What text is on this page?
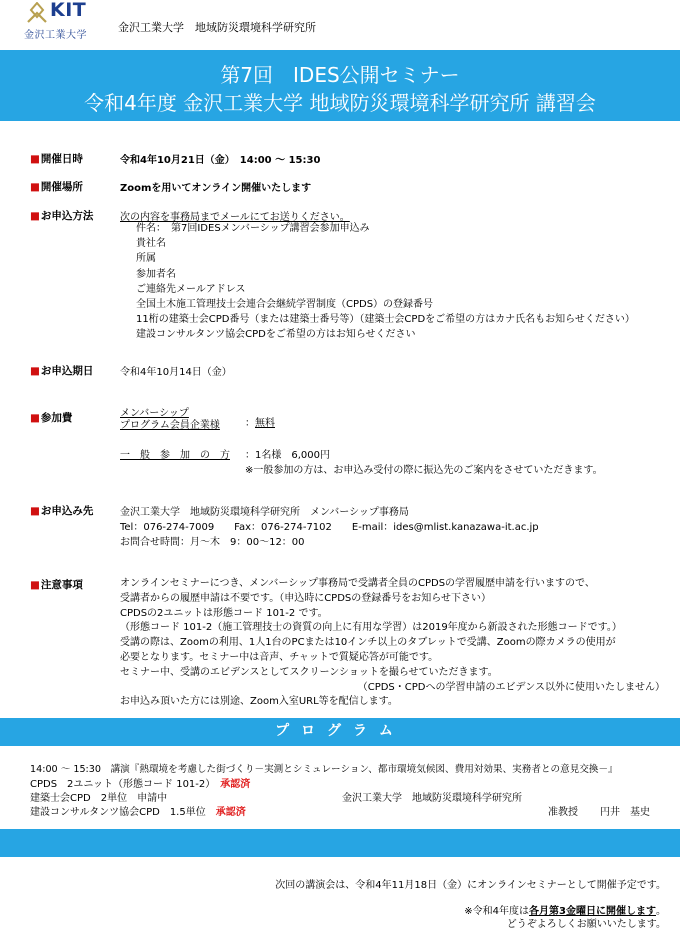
KIT
金沢工業大学
金沢工業大学　地域防災環境科学研究所
第7回　IDES公開セミナー
令和4年度 金沢工業大学 地域防災環境科学研究所 講習会
■開催日時	令和4年10月21日（金）　14:00 ～ 15:30
■開催場所	Zoomを用いてオンライン開催いたします
■お申込方法	次の内容を事務局までメールにてお送りください。
件名：　第7回IDESメンバーシップ講習会参加申込み
貴社名
所属
参加者名
ご連絡先メールアドレス
全国土木施工管理技士会連合会継続学習制度（CPDS）の登録番号
11桁の建築士会CPD番号（または建築士番号等）（建築士会CPDをご希望の方はカナ氏名もお知らせください）
建設コンサルタンツ協会CPDをご希望の方はお知らせください
■お申込期日	令和4年10月14日（金）
■参加費	メンバーシップ
プログラム会員企業様	：無料
一　般　参　加　の　方 ：1名様　6,000円
※一般参加の方は、お申込み受付の際に振込先のご案内をさせていただきます。
■お申込み先	金沢工業大学　地域防災環境科学研究所　メンバーシップ事務局
Tel：076-274-7009　　Fax：076-274-7102　　E-mail：ides@mlist.kanazawa-it.ac.jp
お問合せ時間：月～木　9：00～12：00
■注意事項	オンラインセミナーにつき、メンバーシップ事務局で受講者全員のCPDSの学習履歴申請を行いますので、
受講者からの履歴申請は不要です。（申込時にCPDSの登録番号をお知らせ下さい）
CPDSの2ユニットは形態コード 101-2 です。
（形態コード 101-2（施工管理技士の資質の向上に有用な学習）は2019年度から新設された形態コードです。）
受講の際は、Zoomの利用、1人1台のPCまたは10インチ以上のタブレットで受講、Zoomの際カメラの使用が
必要となります。セミナー中は音声、チャットで質疑応答が可能です。
セミナー中、受講のエビデンスとしてスクリーンショットを撮らせていただきます。
（CPDS・CPDへの学習申請のエビデンス以外に使用いたしません）
お申込み頂いた方には別途、Zoom入室URL等を配信します。
プログラム
14:00 ～ 15:30　講演『熱環境を考慮した街づくり－実測とシミュレーション、都市環境気候図、費用対効果、実務者との意見交換－』
CPDS　2ユニット（形態コード 101-2）　 承認済
建築士会CPD　2単位　申請中
建設コンサルタンツ協会CPD　1.5単位　 承認済
金沢工業大学　地域防災環境科学研究所
准教授 円井　基史
次回の講演会は、令和4年11月18日（金）にオンラインセミナーとして開催予定です。
※令和4年度は各月第3金曜日に開催します。
どうぞよろしくお願いいたします。
